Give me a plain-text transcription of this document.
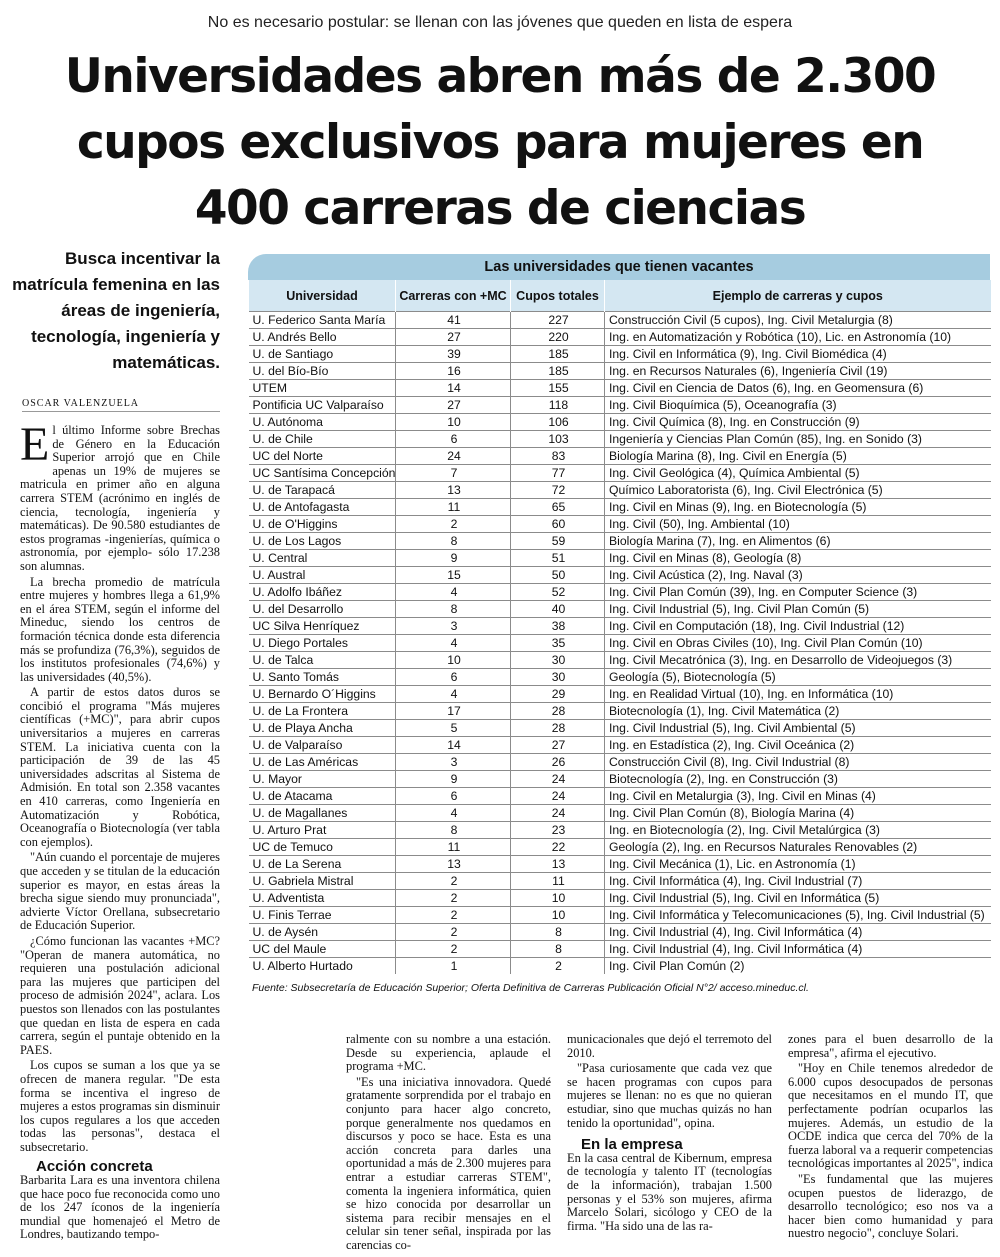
No es necesario postular: se llenan con las jóvenes que queden en lista de espera
Universidades abren más de 2.300 cupos exclusivos para mujeres en 400 carreras de ciencias

Busca incentivar la matrícula femenina en las áreas de ingeniería, tecnología, ingeniería y matemáticas.

OSCAR VALENZUELA

El último Informe sobre Brechas de Género en la Educación Superior arrojó que en Chile apenas un 19% de mujeres se matricula en primer año en alguna carrera STEM (acrónimo en inglés de ciencia, tecnología, ingeniería y matemáticas). De 90.580 estudiantes de estos programas -ingenierías, química o astronomía, por ejemplo- sólo 17.238 son alumnas.

La brecha promedio de matrícula entre mujeres y hombres llega a 61,9% en el área STEM, según el informe del Mineduc, siendo los centros de formación técnica donde esta diferencia más se profundiza (76,3%), seguidos de los institutos profesionales (74,6%) y las universidades (40,5%).

A partir de estos datos duros se concibió el programa "Más mujeres científicas (+MC)", para abrir cupos universitarios a mujeres en carreras STEM. La iniciativa cuenta con la participación de 39 de las 45 universidades adscritas al Sistema de Admisión. En total son 2.358 vacantes en 410 carreras, como Ingeniería en Automatización y Robótica, Oceanografía o Biotecnología (ver tabla con ejemplos).

"Aún cuando el porcentaje de mujeres que acceden y se titulan de la educación superior es mayor, en estas áreas la brecha sigue siendo muy pronunciada", advierte Víctor Orellana, subsecretario de Educación Superior.

¿Cómo funcionan las vacantes +MC? "Operan de manera automática, no requieren una postulación adicional para las mujeres que participen del proceso de admisión 2024", aclara. Los puestos son llenados con las postulantes que quedan en lista de espera en cada carrera, según el puntaje obtenido en la PAES.

Los cupos se suman a los que ya se ofrecen de manera regular. "De esta forma se incentiva el ingreso de mujeres a estos programas sin disminuir los cupos regulares a los que acceden todas las personas", destaca el subsecretario.

Acción concreta

Barbarita Lara es una inventora chilena que hace poco fue reconocida como uno de los 247 íconos de la ingeniería mundial que homenajeó el Metro de Londres, bautizando tempo-

Las universidades que tienen vacantes
Universidad	Carreras con +MC	Cupos totales	Ejemplo de carreras y cupos
U. Federico Santa María	41	227	Construcción Civil (5 cupos), Ing. Civil Metalurgia (8)
U. Andrés Bello	27	220	Ing. en Automatización y Robótica (10), Lic. en Astronomía (10)
U. de Santiago	39	185	Ing. Civil en Informática (9), Ing. Civil Biomédica (4)
U. del Bío-Bío	16	185	Ing. en Recursos Naturales (6), Ingeniería Civil (19)
UTEM	14	155	Ing. Civil en Ciencia de Datos (6), Ing. en Geomensura (6)
Pontificia UC Valparaíso	27	118	Ing. Civil Bioquímica (5), Oceanografía (3)
U. Autónoma	10	106	Ing. Civil Química (8), Ing. en Construcción (9)
U. de Chile	6	103	Ingeniería y Ciencias Plan Común (85), Ing. en Sonido (3)
UC del Norte	24	83	Biología Marina (8), Ing. Civil en Energía (5)
UC Santísima Concepción	7	77	Ing. Civil Geológica (4), Química Ambiental (5)
U. de Tarapacá	13	72	Químico Laboratorista (6), Ing. Civil Electrónica (5)
U. de Antofagasta	11	65	Ing. Civil en Minas (9), Ing. en Biotecnología (5)
U. de O'Higgins	2	60	Ing. Civil (50), Ing. Ambiental (10)
U. de Los Lagos	8	59	Biología Marina (7), Ing. en Alimentos (6)
U. Central	9	51	Ing. Civil en Minas (8), Geología (8)
U. Austral	15	50	Ing. Civil Acústica (2), Ing. Naval (3)
U. Adolfo Ibáñez	4	52	Ing. Civil Plan Común (39), Ing. en Computer Science (3)
U. del Desarrollo	8	40	Ing. Civil Industrial (5), Ing. Civil Plan Común (5)
UC Silva Henríquez	3	38	Ing. Civil en Computación (18), Ing. Civil Industrial (12)
U. Diego Portales	4	35	Ing. Civil en Obras Civiles (10), Ing. Civil Plan Común (10)
U. de Talca	10	30	Ing. Civil Mecatrónica (3), Ing. en Desarrollo de Videojuegos (3)
U. Santo Tomás	6	30	Geología (5), Biotecnología (5)
U. Bernardo O´Higgins	4	29	Ing. en Realidad Virtual (10), Ing. en Informática (10)
U. de La Frontera	17	28	Biotecnología (1), Ing. Civil Matemática (2)
U. de Playa Ancha	5	28	Ing. Civil Industrial (5), Ing. Civil Ambiental (5)
U. de Valparaíso	14	27	Ing. en Estadística (2), Ing. Civil Oceánica (2)
U. de Las Américas	3	26	Construcción Civil (8), Ing. Civil Industrial (8)
U. Mayor	9	24	Biotecnología (2), Ing. en Construcción (3)
U. de Atacama	6	24	Ing. Civil en Metalurgia (3), Ing. Civil en Minas (4)
U. de Magallanes	4	24	Ing. Civil Plan Común (8), Biología Marina (4)
U. Arturo Prat	8	23	Ing. en Biotecnología (2), Ing. Civil Metalúrgica (3)
UC de Temuco	11	22	Geología (2), Ing. en Recursos Naturales Renovables (2)
U. de La Serena	13	13	Ing. Civil Mecánica (1), Lic. en Astronomía (1)
U. Gabriela Mistral	2	11	Ing. Civil Informática (4), Ing. Civil Industrial (7)
U. Adventista	2	10	Ing. Civil Industrial (5), Ing. Civil en Informática (5)
U. Finis Terrae	2	10	Ing. Civil Informática y Telecomunicaciones (5), Ing. Civil Industrial (5)
U. de Aysén	2	8	Ing. Civil Industrial (4), Ing. Civil Informática (4)
UC del Maule	2	8	Ing. Civil Industrial (4), Ing. Civil Informática (4)
U. Alberto Hurtado	1	2	Ing. Civil Plan Común (2)
Fuente: Subsecretaría de Educación Superior; Oferta Definitiva de Carreras Publicación Oficial N°2/ acceso.mineduc.cl.

ralmente con su nombre a una estación. Desde su experiencia, aplaude el programa +MC.

"Es una iniciativa innovadora. Quedé gratamente sorprendida por el trabajo en conjunto para hacer algo concreto, porque generalmente nos quedamos en discursos y poco se hace. Esta es una acción concreta para darles una oportunidad a más de 2.300 mujeres para entrar a estudiar carreras STEM", comenta la ingeniera informática, quien se hizo conocida por desarrollar un sistema para recibir mensajes en el celular sin tener señal, inspirada por las carencias co-

municacionales que dejó el terremoto del 2010.

"Pasa curiosamente que cada vez que se hacen programas con cupos para mujeres se llenan: no es que no quieran estudiar, sino que muchas quizás no han tenido la oportunidad", opina.

En la empresa

En la casa central de Kibernum, empresa de tecnología y talento IT (tecnologías de la información), trabajan 1.500 personas y el 53% son mujeres, afirma Marcelo Solari, sicólogo y CEO de la firma. "Ha sido una de las ra-

zones para el buen desarrollo de la empresa", afirma el ejecutivo.

"Hoy en Chile tenemos alrededor de 6.000 cupos desocupados de personas que necesitamos en el mundo IT, que perfectamente podrían ocuparlos las mujeres. Además, un estudio de la OCDE indica que cerca del 70% de la fuerza laboral va a requerir competencias tecnológicas importantes al 2025", indica

"Es fundamental que las mujeres ocupen puestos de liderazgo, de desarrollo tecnológico; eso nos va a hacer bien como humanidad y para nuestro negocio", concluye Solari.
